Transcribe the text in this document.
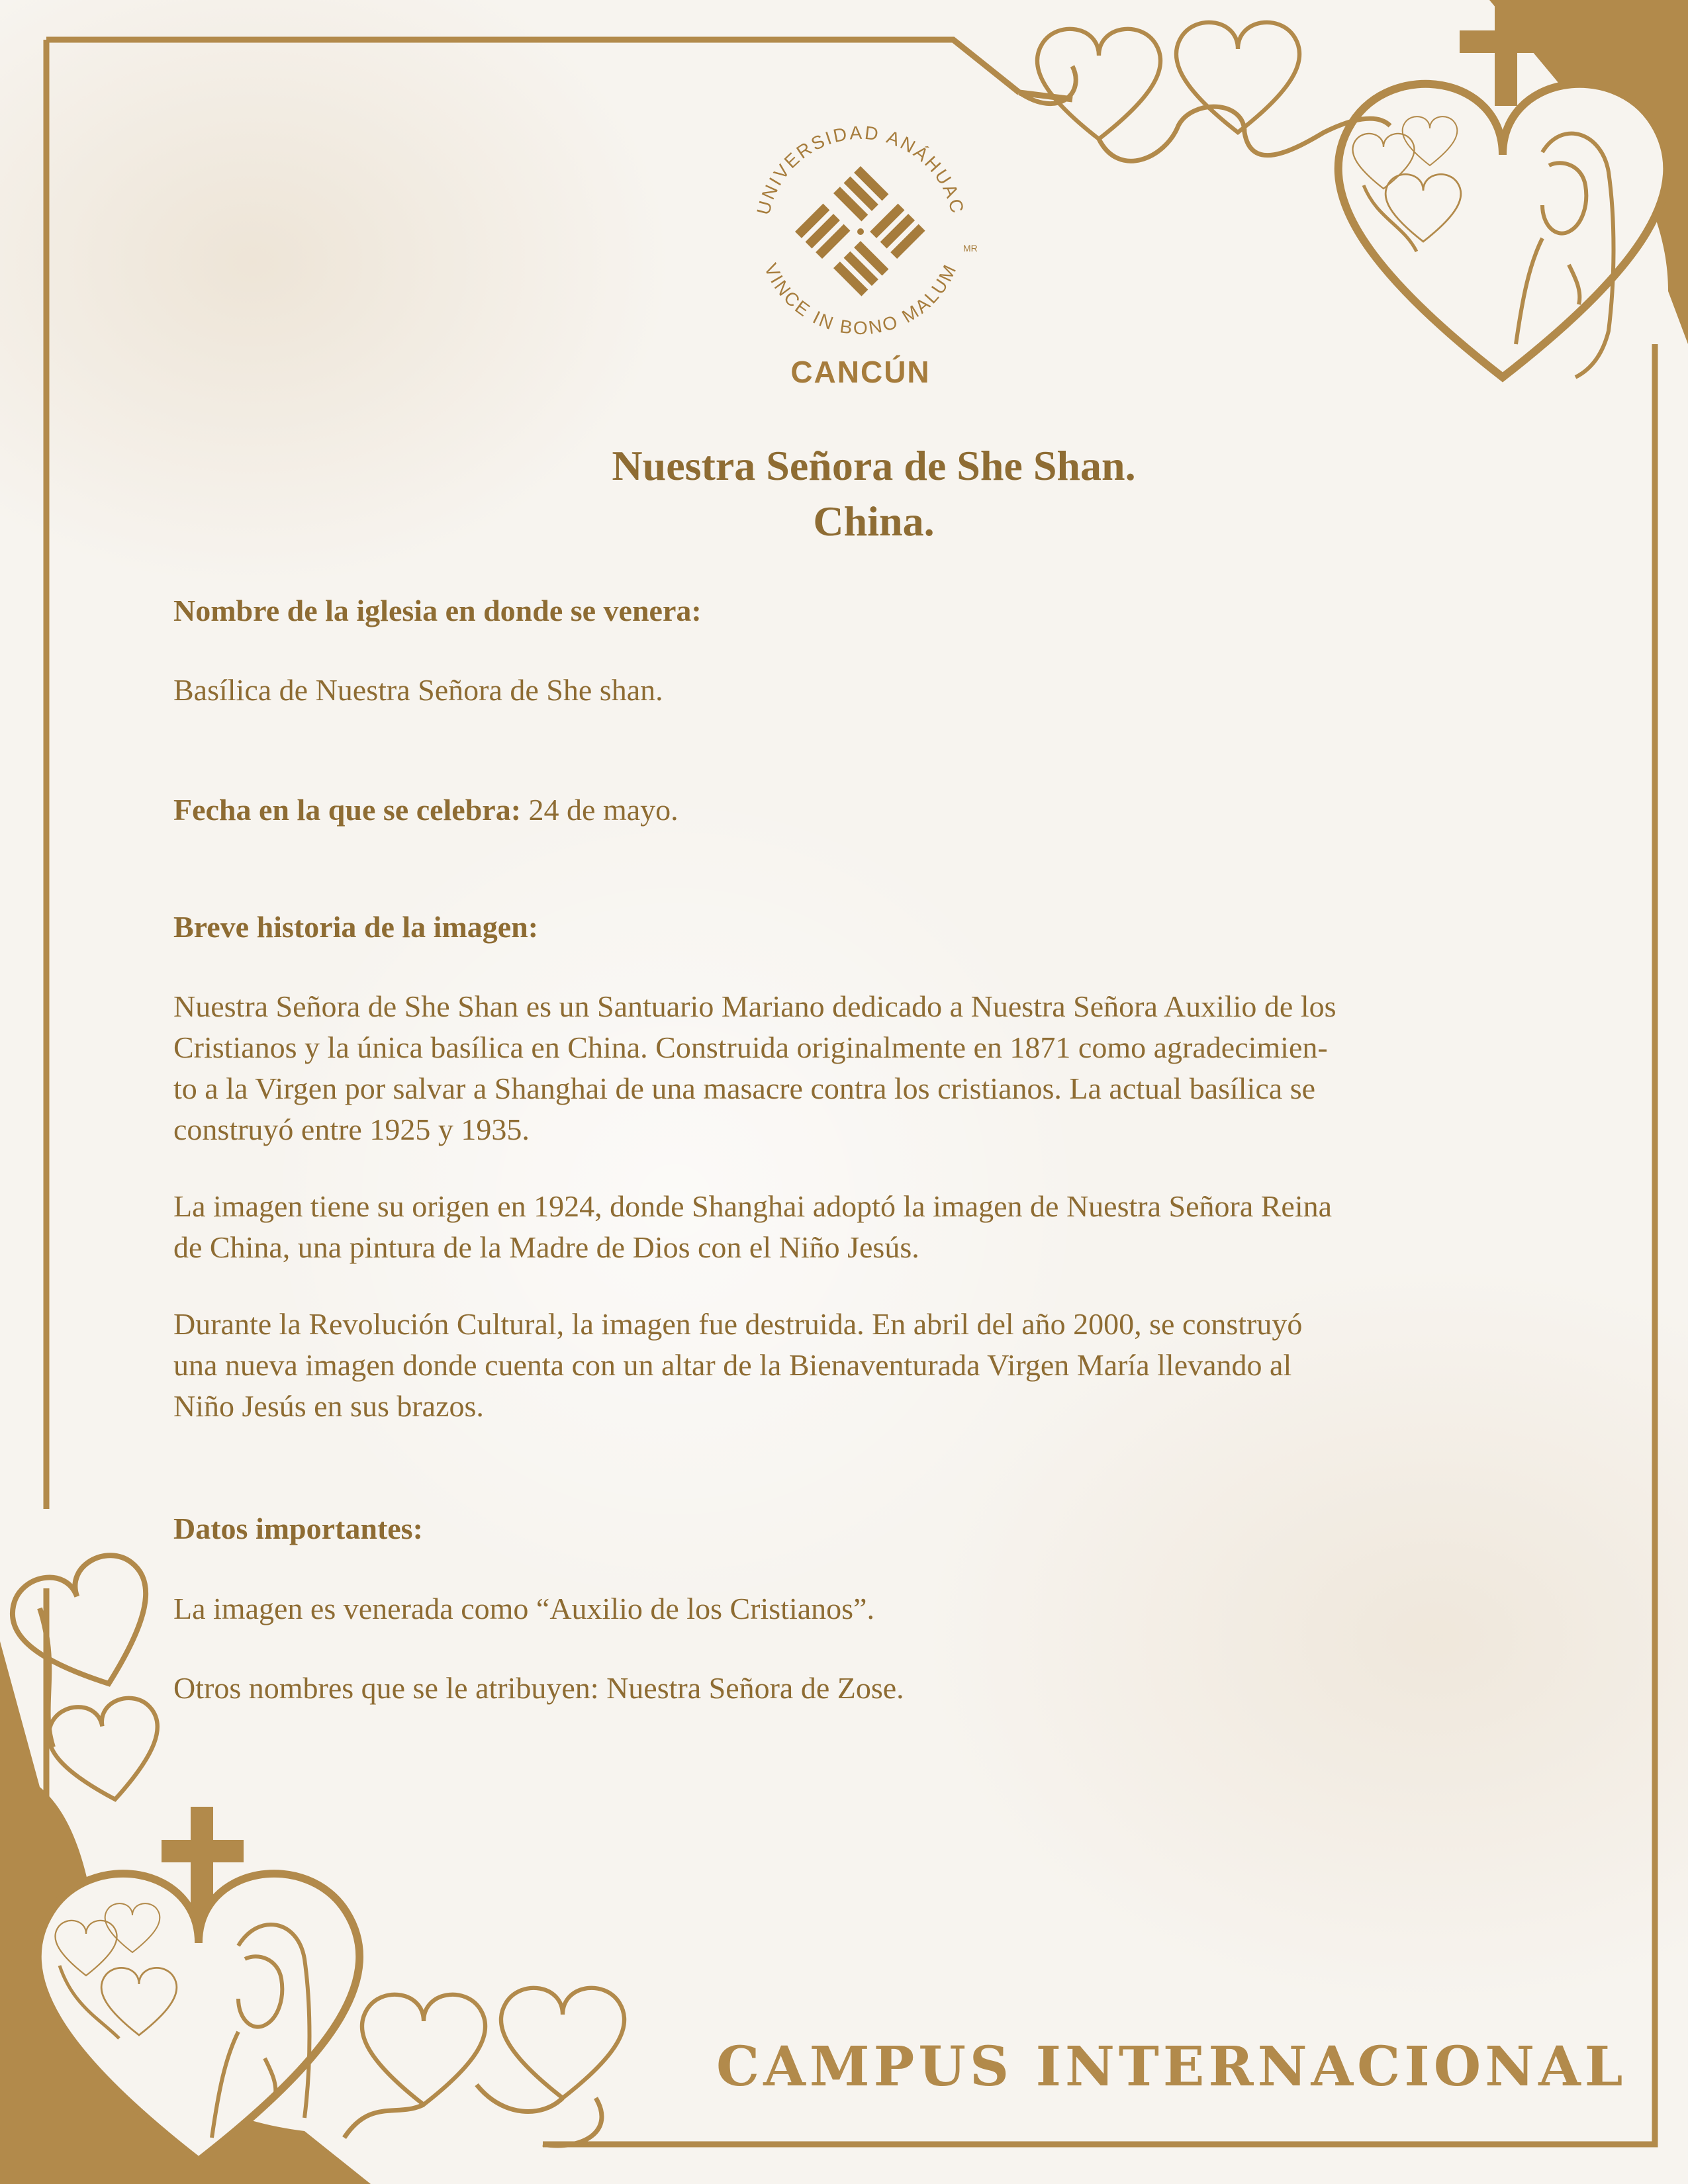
UNIVERSIDAD ANÁHUAC
VINCE IN BONO MALUM
MR
CANCÚN
Nuestra Señora de She Shan.
China.
Nombre de la iglesia en donde se venera:
Basílica de Nuestra Señora de She shan.
Fecha en la que se celebra: 24 de mayo.
Breve historia de la imagen:
Nuestra Señora de She Shan es un Santuario Mariano dedicado a Nuestra Señora Auxilio de los
Cristianos y la única basílica en China. Construida originalmente en 1871 como agradecimien-
to a la Virgen por salvar a Shanghai de una masacre contra los cristianos. La actual basílica se
construyó entre 1925 y 1935.
La imagen tiene su origen en 1924, donde Shanghai adoptó la imagen de Nuestra Señora Reina
de China, una pintura de la Madre de Dios con el Niño Jesús.
Durante la Revolución Cultural, la imagen fue destruida. En abril del año 2000, se construyó
una nueva imagen donde cuenta con un altar de la Bienaventurada Virgen María llevando al
Niño Jesús en sus brazos.
Datos importantes:
La imagen es venerada como “Auxilio de los Cristianos”.
Otros nombres que se le atribuyen: Nuestra Señora de Zose.
CAMPUS INTERNACIONAL
